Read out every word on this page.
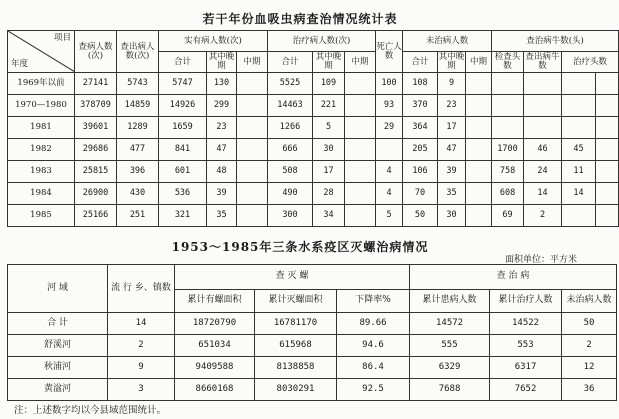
若干年份血吸虫病查治情况统计表
项目
年度	查病人数(次)	查出病人数(次)	实有病人数(次)			治疗病人数(次)			死亡人数	未治病人数			查治病牛数(头)			
			合计	其中晚期	中期	合计	其中晚期	中期		合计	其中晚期	中期	检查头数	查出病牛数	治疗头数	
1969年以前	27141	5743	5747	130		5525	109		100	108	9					
1970—1980	378709	14859	14926	299		14463	221		93	370	23					
1981	39601	1289	1659	23		1266	5		29	364	17					
1982	29686	477	841	47		666	30			205	47		1700	46	45	
1983	25815	396	601	48		508	17		4	106	39		758	24	11	
1984	26900	430	536	39		490	28		4	70	35		608	14	14	
1985	25166	251	321	35		300	34		5	50	30		69	2		
1953～1985年三条水系疫区灭螺治病情况
面积单位：平方米
河 域	流 行 乡、镇数	查 灭 螺			查 治 病		
		累计有螺面积	累计灭螺面积	下降率%	累计患病人数	累计治疗人数	未治病人数
合 计	14	18720790	16781170	89.66	14572	14522	50
舒溪河	2	651034	615968	94.6	555	553	2
秋浦河	9	9409588	8138858	86.4	6329	6317	12
黄湓河	3	8660168	8030291	92.5	7688	7652	36
注：上述数字均以今县域范围统计。
